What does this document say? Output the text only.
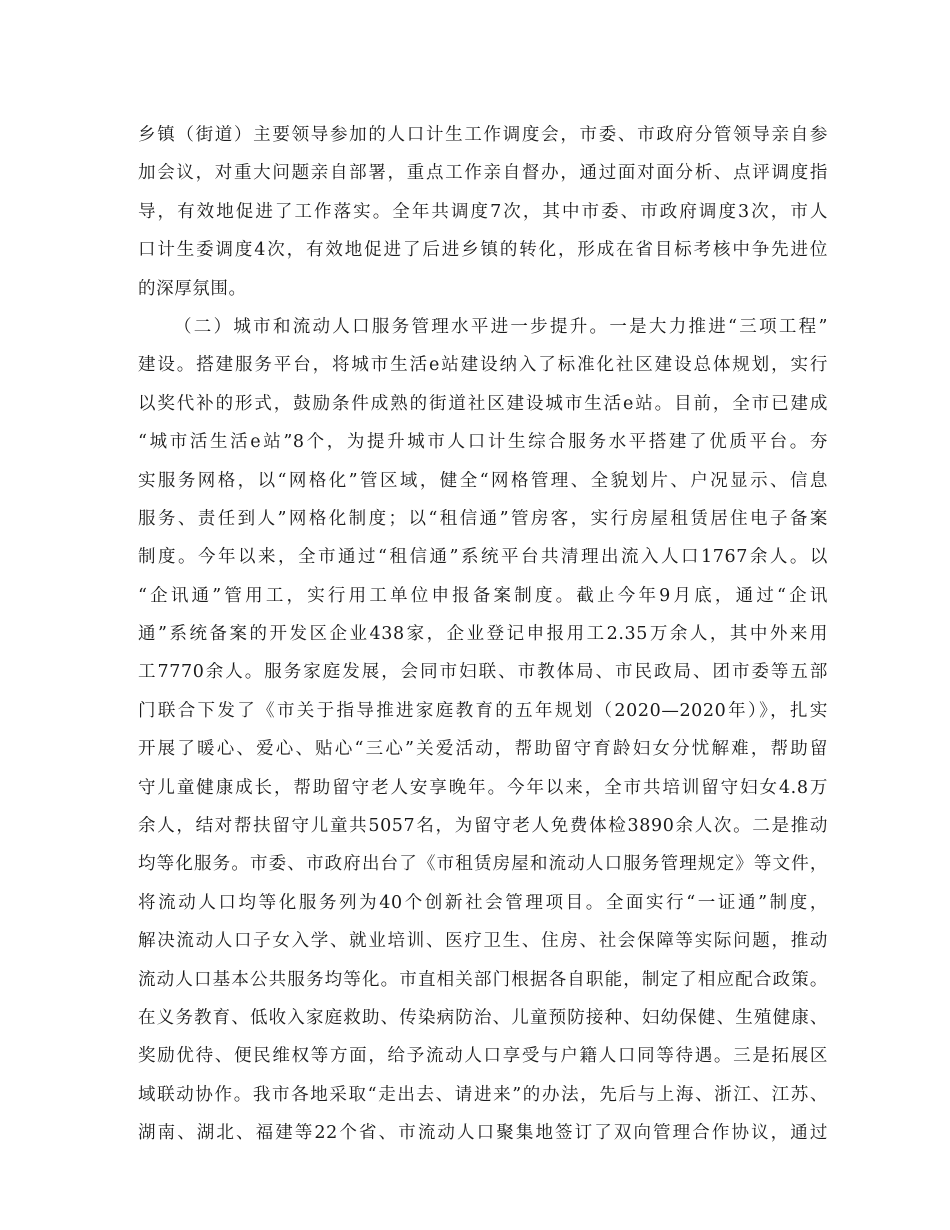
乡镇（街道）主要领导参加的人口计生工作调度会，市委、市政府分管领导亲自参
加会议，对重大问题亲自部署，重点工作亲自督办，通过面对面分析、点评调度指
导，有效地促进了工作落实。全年共调度7次，其中市委、市政府调度3次，市人
口计生委调度4次，有效地促进了后进乡镇的转化，形成在省目标考核中争先进位
的深厚氛围。
（二）城市和流动人口服务管理水平进一步提升。一是大力推进“三项工程”
建设。搭建服务平台，将城市生活e站建设纳入了标准化社区建设总体规划，实行
以奖代补的形式，鼓励条件成熟的街道社区建设城市生活e站。目前，全市已建成
“城市活生活e站”8个，为提升城市人口计生综合服务水平搭建了优质平台。夯
实服务网格，以“网格化”管区域，健全“网格管理、全貌划片、户况显示、信息
服务、责任到人”网格化制度；以“租信通”管房客，实行房屋租赁居住电子备案
制度。今年以来，全市通过“租信通”系统平台共清理出流入人口1767余人。以
“企讯通”管用工，实行用工单位申报备案制度。截止今年9月底，通过“企讯
通”系统备案的开发区企业438家，企业登记申报用工2.35万余人，其中外来用
工7770余人。服务家庭发展，会同市妇联、市教体局、市民政局、团市委等五部
门联合下发了《市关于指导推进家庭教育的五年规划（2020—2020年）》，扎实
开展了暖心、爱心、贴心“三心”关爱活动，帮助留守育龄妇女分忧解难，帮助留
守儿童健康成长，帮助留守老人安享晚年。今年以来，全市共培训留守妇女4.8万
余人，结对帮扶留守儿童共5057名，为留守老人免费体检3890余人次。二是推动
均等化服务。市委、市政府出台了《市租赁房屋和流动人口服务管理规定》等文件，
将流动人口均等化服务列为40个创新社会管理项目。全面实行“一证通”制度，
解决流动人口子女入学、就业培训、医疗卫生、住房、社会保障等实际问题，推动
流动人口基本公共服务均等化。市直相关部门根据各自职能，制定了相应配合政策。
在义务教育、低收入家庭救助、传染病防治、儿童预防接种、妇幼保健、生殖健康、
奖励优待、便民维权等方面，给予流动人口享受与户籍人口同等待遇。三是拓展区
域联动协作。我市各地采取“走出去、请进来”的办法，先后与上海、浙江、江苏、
湖南、湖北、福建等22个省、市流动人口聚集地签订了双向管理合作协议，通过
